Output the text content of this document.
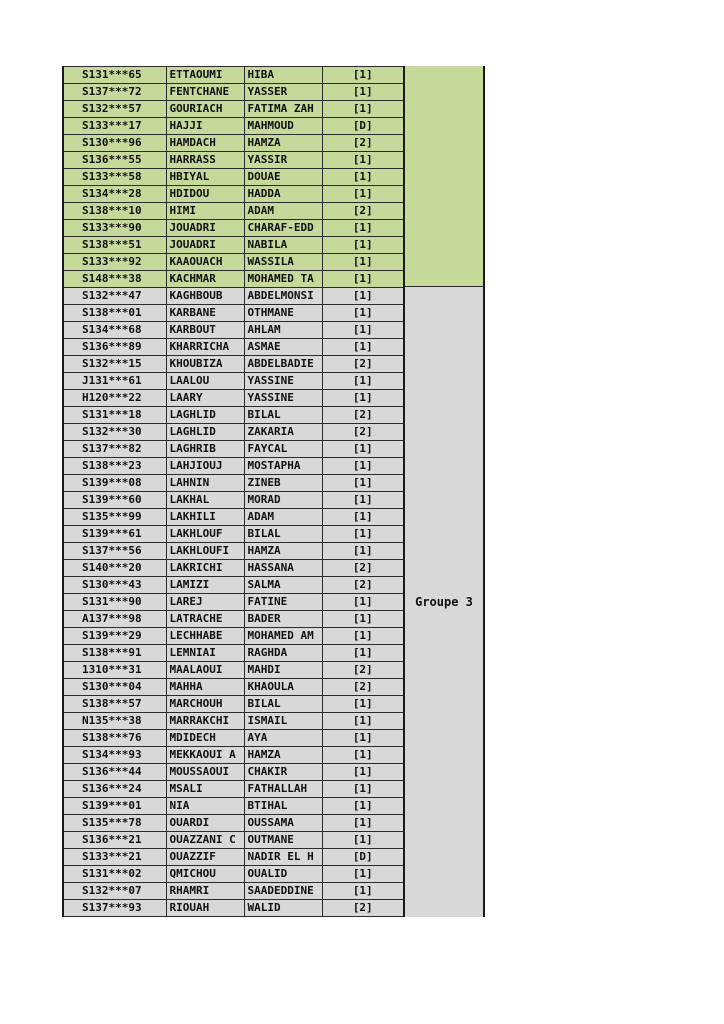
S131***65	ETTAOUMI	HIBA	[1]
S137***72	FENTCHANE	YASSER	[1]
S132***57	GOURIACH	FATIMA ZAH	[1]
S133***17	HAJJI	MAHMOUD	[D]
S130***96	HAMDACH	HAMZA	[2]
S136***55	HARRASS	YASSIR	[1]
S133***58	HBIYAL	DOUAE	[1]
S134***28	HDIDOU	HADDA	[1]
S138***10	HIMI	ADAM	[2]
S133***90	JOUADRI	CHARAF-EDD	[1]
S138***51	JOUADRI	NABILA	[1]
S133***92	KAAOUACH	WASSILA	[1]
S148***38	KACHMAR	MOHAMED TA	[1]
S132***47	KAGHBOUB	ABDELMONSI	[1]
S138***01	KARBANE	OTHMANE	[1]
S134***68	KARBOUT	AHLAM	[1]
S136***89	KHARRICHA	ASMAE	[1]
S132***15	KHOUBIZA	ABDELBADIE	[2]
J131***61	LAALOU	YASSINE	[1]
H120***22	LAARY	YASSINE	[1]
S131***18	LAGHLID	BILAL	[2]
S132***30	LAGHLID	ZAKARIA	[2]
S137***82	LAGHRIB	FAYCAL	[1]
S138***23	LAHJIOUJ	MOSTAPHA	[1]
S139***08	LAHNIN	ZINEB	[1]
S139***60	LAKHAL	MORAD	[1]
S135***99	LAKHILI	ADAM	[1]
S139***61	LAKHLOUF	BILAL	[1]
S137***56	LAKHLOUFI	HAMZA	[1]
S140***20	LAKRICHI	HASSANA	[2]
S130***43	LAMIZI	SALMA	[2]
S131***90	LAREJ	FATINE	[1]
A137***98	LATRACHE	BADER	[1]
S139***29	LECHHABE	MOHAMED AM	[1]
S138***91	LEMNIAI	RAGHDA	[1]
1310***31	MAALAOUI	MAHDI	[2]
S130***04	MAHHA	KHAOULA	[2]
S138***57	MARCHOUH	BILAL	[1]
N135***38	MARRAKCHI	ISMAIL	[1]
S138***76	MDIDECH	AYA	[1]
S134***93	MEKKAOUI A	HAMZA	[1]
S136***44	MOUSSAOUI	CHAKIR	[1]
S136***24	MSALI	FATHALLAH	[1]
S139***01	NIA	BTIHAL	[1]
S135***78	OUARDI	OUSSAMA	[1]
S136***21	OUAZZANI C	OUTMANE	[1]
S133***21	OUAZZIF	NADIR EL H	[D]
S131***02	QMICHOU	OUALID	[1]
S132***07	RHAMRI	SAADEDDINE	[1]
S137***93	RIOUAH	WALID	[2]
Groupe 3
